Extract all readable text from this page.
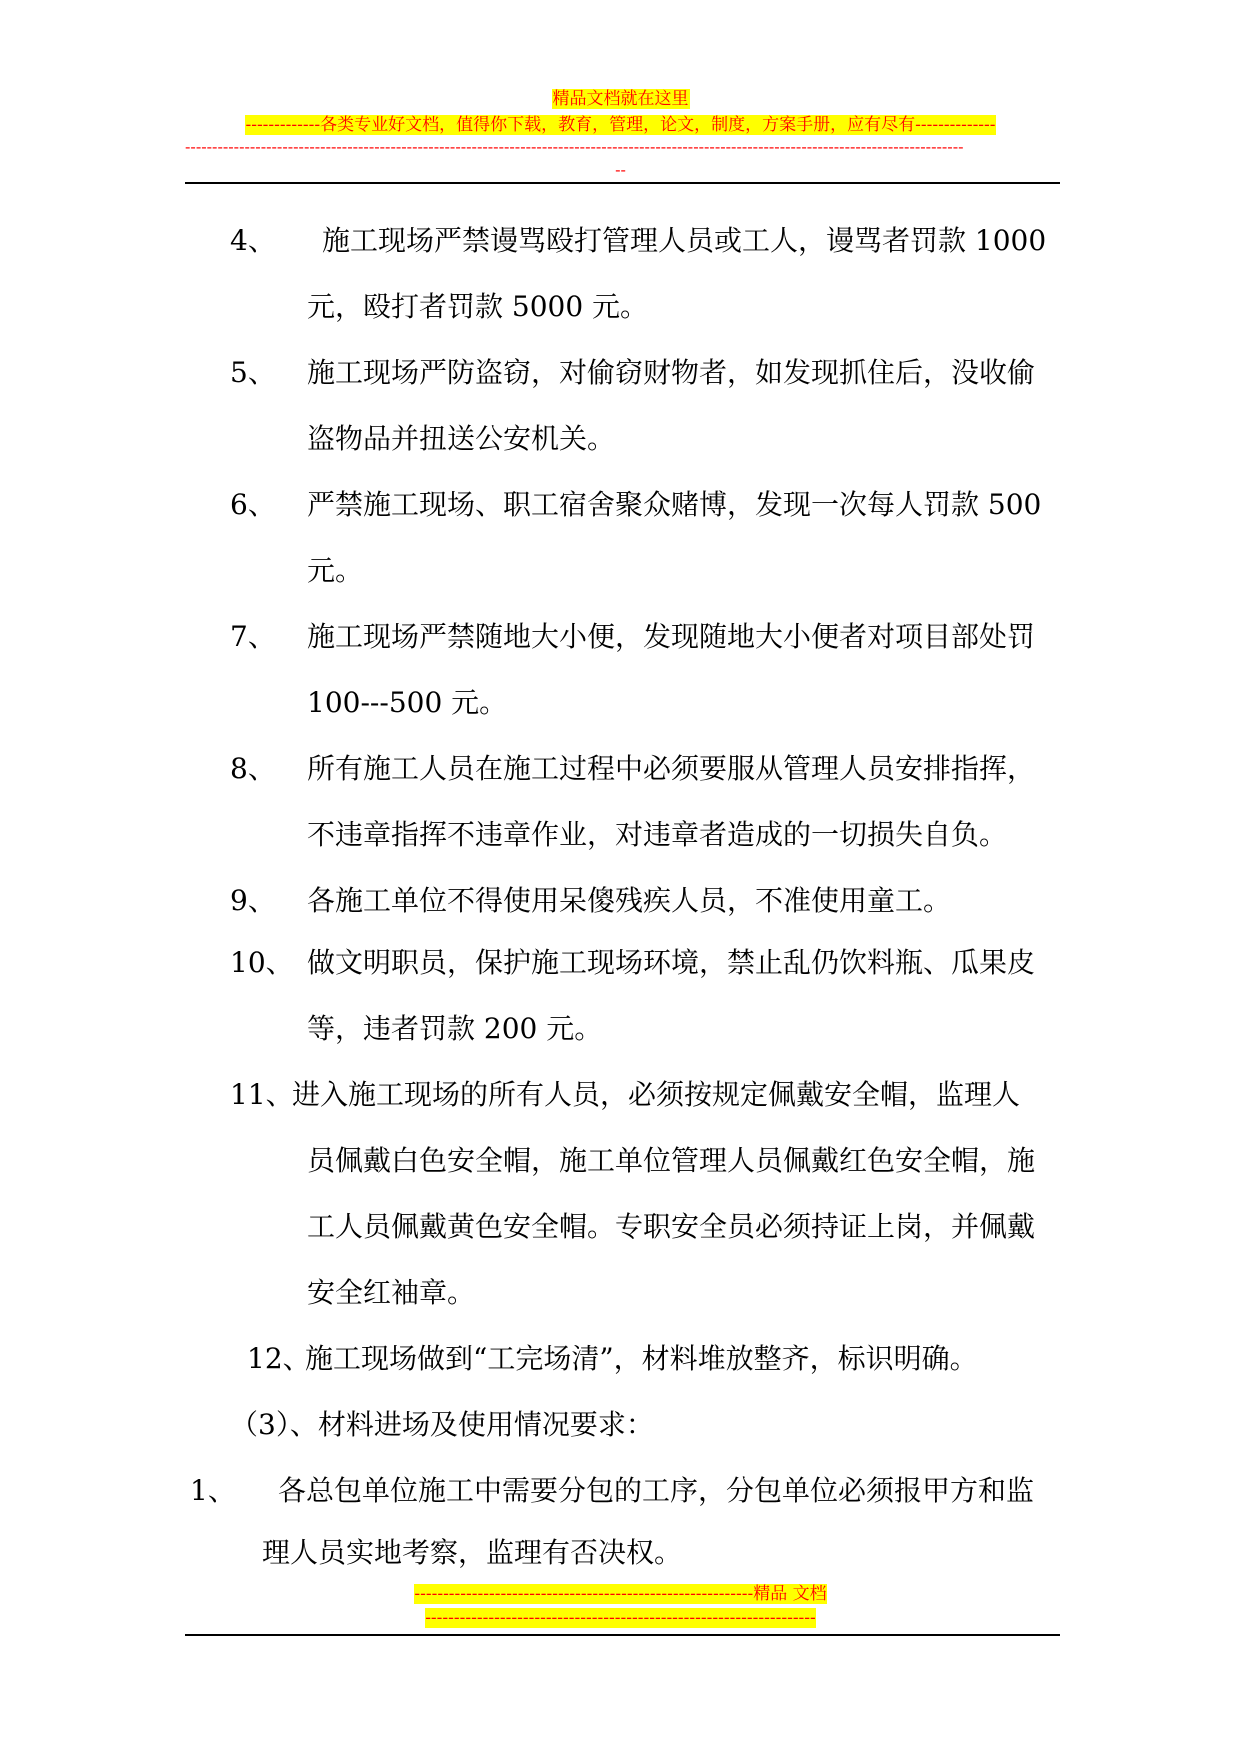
精品文档就在这里
-------------各类专业好文档，值得你下载，教育，管理，论文，制度，方案手册，应有尽有--------------
------------------------------------------------------------------------------------------------------------------------------------------------
--
4、 施工现场严禁谩骂殴打管理人员或工人，谩骂者罚款 1000
元，殴打者罚款 5000 元。
5、 施工现场严防盗窃，对偷窃财物者，如发现抓住后，没收偷
盗物品并扭送公安机关。
6、 严禁施工现场、职工宿舍聚众赌博，发现一次每人罚款 500
元。
7、 施工现场严禁随地大小便，发现随地大小便者对项目部处罚
100---500 元。
8、 所有施工人员在施工过程中必须要服从管理人员安排指挥，
不违章指挥不违章作业，对违章者造成的一切损失自负。
9、 各施工单位不得使用呆傻残疾人员，不准使用童工。
10、 做文明职员，保护施工现场环境，禁止乱仍饮料瓶、瓜果皮
等，违者罚款 200 元。
11、
进入施工现场的所有人员，必须按规定佩戴安全帽，监理人
员佩戴白色安全帽，施工单位管理人员佩戴红色安全帽，施
工人员佩戴黄色安全帽。专职安全员必须持证上岗，并佩戴
安全红袖章。
12、
施工现场做到“工完场清”，材料堆放整齐，标识明确。
（3）、材料进场及使用情况要求：
1、 各总包单位施工中需要分包的工序，分包单位必须报甲方和监
理人员实地考察，监理有否决权。
-----------------------------------------------------------精品 文档
--------------------------------------------------------------------
